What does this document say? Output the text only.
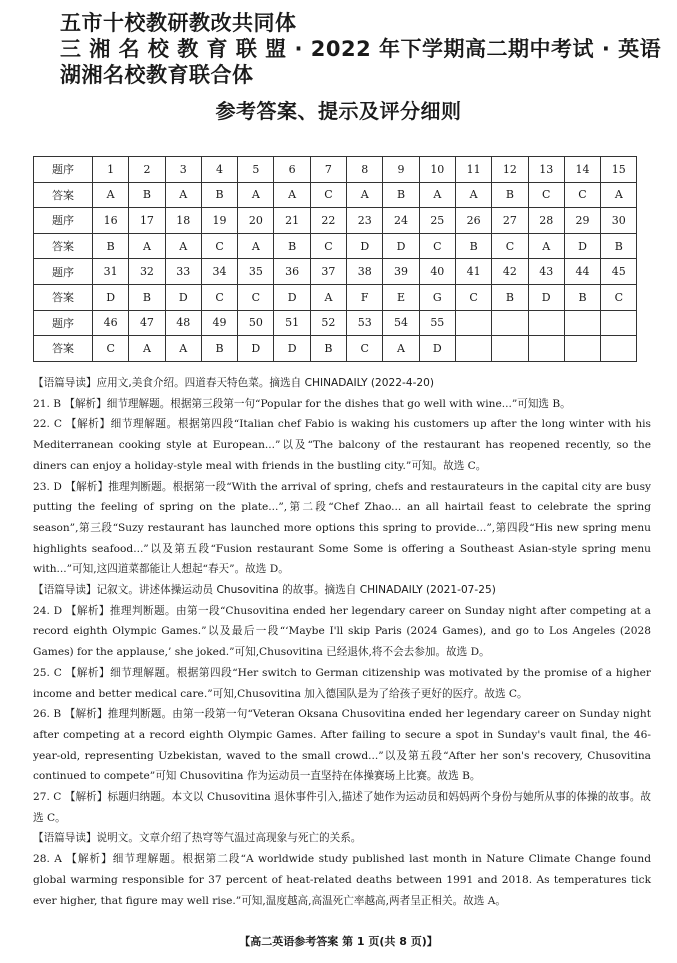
五市十校教研教改共同体
三 湘 名 校 教 育 联 盟 · 2022 年下学期高二期中考试 · 英语
湖湘名校教育联合体
参考答案、提示及评分细则
题序	1	2	3	4	5	6	7	8	9	10	11	12	13	14	15
答案	A	B	A	B	A	A	C	A	B	A	A	B	C	C	A
题序	16	17	18	19	20	21	22	23	24	25	26	27	28	29	30
答案	B	A	A	C	A	B	C	D	D	C	B	C	A	D	B
题序	31	32	33	34	35	36	37	38	39	40	41	42	43	44	45
答案	D	B	D	C	C	D	A	F	E	G	C	B	D	B	C
题序	46	47	48	49	50	51	52	53	54	55					
答案	C	A	A	B	D	D	B	C	A	D					

【语篇导读】应用文,美食介绍。四道春天特色菜。摘选自 CHINADAILY (2022-4-20)

21. B 【解析】细节理解题。根据第三段第一句“Popular for the dishes that go well with wine...”可知选 B。

22. C 【解析】细节理解题。根据第四段“Italian chef Fabio is waking his customers up after the long winter with his Mediterranean cooking style at European...”以及“The balcony of the restaurant has reopened recently, so the diners can enjoy a holiday-style meal with friends in the bustling city.”可知。故选 C。

23. D 【解析】推理判断题。根据第一段“With the arrival of spring, chefs and restaurateurs in the capital city are busy putting the feeling of spring on the plate...”,第二段“Chef Zhao... an all hairtail feast to celebrate the spring season”,第三段“Suzy restaurant has launched more options this spring to provide...”,第四段“His new spring menu highlights seafood...”以及第五段“Fusion restaurant Some Some is offering a Southeast Asian-style spring menu with...”可知,这四道菜都能让人想起“春天”。故选 D。

【语篇导读】记叙文。讲述体操运动员 Chusovitina 的故事。摘选自 CHINADAILY (2021-07-25)

24. D 【解析】推理判断题。由第一段“Chusovitina ended her legendary career on Sunday night after competing at a record eighth Olympic Games.”以及最后一段“‘Maybe I'll skip Paris (2024 Games), and go to Los Angeles (2028 Games) for the applause,’ she joked.”可知,Chusovitina 已经退休,将不会去参加。故选 D。

25. C 【解析】细节理解题。根据第四段“Her switch to German citizenship was motivated by the promise of a higher income and better medical care.”可知,Chusovitina 加入德国队是为了给孩子更好的医疗。故选 C。

26. B 【解析】推理判断题。由第一段第一句“Veteran Oksana Chusovitina ended her legendary career on Sunday night after competing at a record eighth Olympic Games. After failing to secure a spot in Sunday's vault final, the 46-year-old, representing Uzbekistan, waved to the small crowd...”以及第五段“After her son's recovery, Chusovitina continued to compete”可知 Chusovitina 作为运动员一直坚持在体操赛场上比赛。故选 B。

27. C 【解析】标题归纳题。本文以 Chusovitina 退休事件引入,描述了她作为运动员和妈妈两个身份与她所从事的体操的故事。故选 C。

【语篇导读】说明文。文章介绍了热穹等气温过高现象与死亡的关系。

28. A 【解析】细节理解题。根据第二段“A worldwide study published last month in Nature Climate Change found global warming responsible for 37 percent of heat-related deaths between 1991 and 2018. As temperatures tick ever higher, that figure may well rise.”可知,温度越高,高温死亡率越高,两者呈正相关。故选 A。

【高二英语参考答案 第 1 页(共 8 页)】
